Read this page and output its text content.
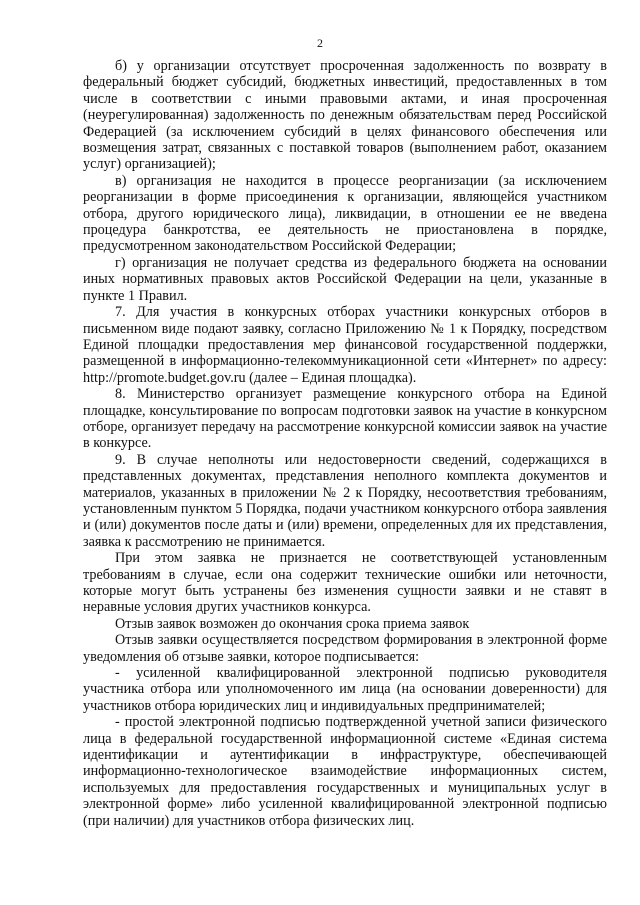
2

б) у организации отсутствует просроченная задолженность по возврату в федеральный бюджет субсидий, бюджетных инвестиций, предоставленных в том числе в соответствии с иными правовыми актами, и иная просроченная (неурегулированная) задолженность по денежным обязательствам перед Российской Федерацией (за исключением субсидий в целях финансового обеспечения или возмещения затрат, связанных с поставкой товаров (выполнением работ, оказанием услуг) организацией);

в) организация не находится в процессе реорганизации (за исключением реорганизации в форме присоединения к организации, являющейся участником отбора, другого юридического лица), ликвидации, в отношении ее не введена процедура банкротства, ее деятельность не приостановлена в порядке, предусмотренном законодательством Российской Федерации;

г) организация не получает средства из федерального бюджета на основании иных нормативных правовых актов Российской Федерации на цели, указанные в пункте 1 Правил.

7. Для участия в конкурсных отборах участники конкурсных отборов в письменном виде подают заявку, согласно Приложению № 1 к Порядку, посредством Единой площадки предоставления мер финансовой государственной поддержки, размещенной в информационно-телекоммуникационной сети «Интернет» по адресу: http://promote.budget.gov.ru (далее – Единая площадка).

8. Министерство организует размещение конкурсного отбора на Единой площадке, консультирование по вопросам подготовки заявок на участие в конкурсном отборе, организует передачу на рассмотрение конкурсной комиссии заявок на участие в конкурсе.

9. В случае неполноты или недостоверности сведений, содержащихся в представленных документах, представления неполного комплекта документов и материалов, указанных в приложении № 2 к Порядку, несоответствия требованиям, установленным пунктом 5 Порядка, подачи участником конкурсного отбора заявления и (или) документов после даты и (или) времени, определенных для их представления, заявка к рассмотрению не принимается.

При этом заявка не признается не соответствующей установленным требованиям в случае, если она содержит технические ошибки или неточности, которые могут быть устранены без изменения сущности заявки и не ставят в неравные условия других участников конкурса.

Отзыв заявок возможен до окончания срока приема заявок

Отзыв заявки осуществляется посредством формирования в электронной форме уведомления об отзыве заявки, которое подписывается:

- усиленной квалифицированной электронной подписью руководителя участника отбора или уполномоченного им лица (на основании доверенности) для участников отбора юридических лиц и индивидуальных предпринимателей;

- простой электронной подписью подтвержденной учетной записи физического лица в федеральной государственной информационной системе «Единая система идентификации и аутентификации в инфраструктуре, обеспечивающей информационно-технологическое взаимодействие информационных систем, используемых для предоставления государственных и муниципальных услуг в электронной форме» либо усиленной квалифицированной электронной подписью (при наличии) для участников отбора физических лиц.
